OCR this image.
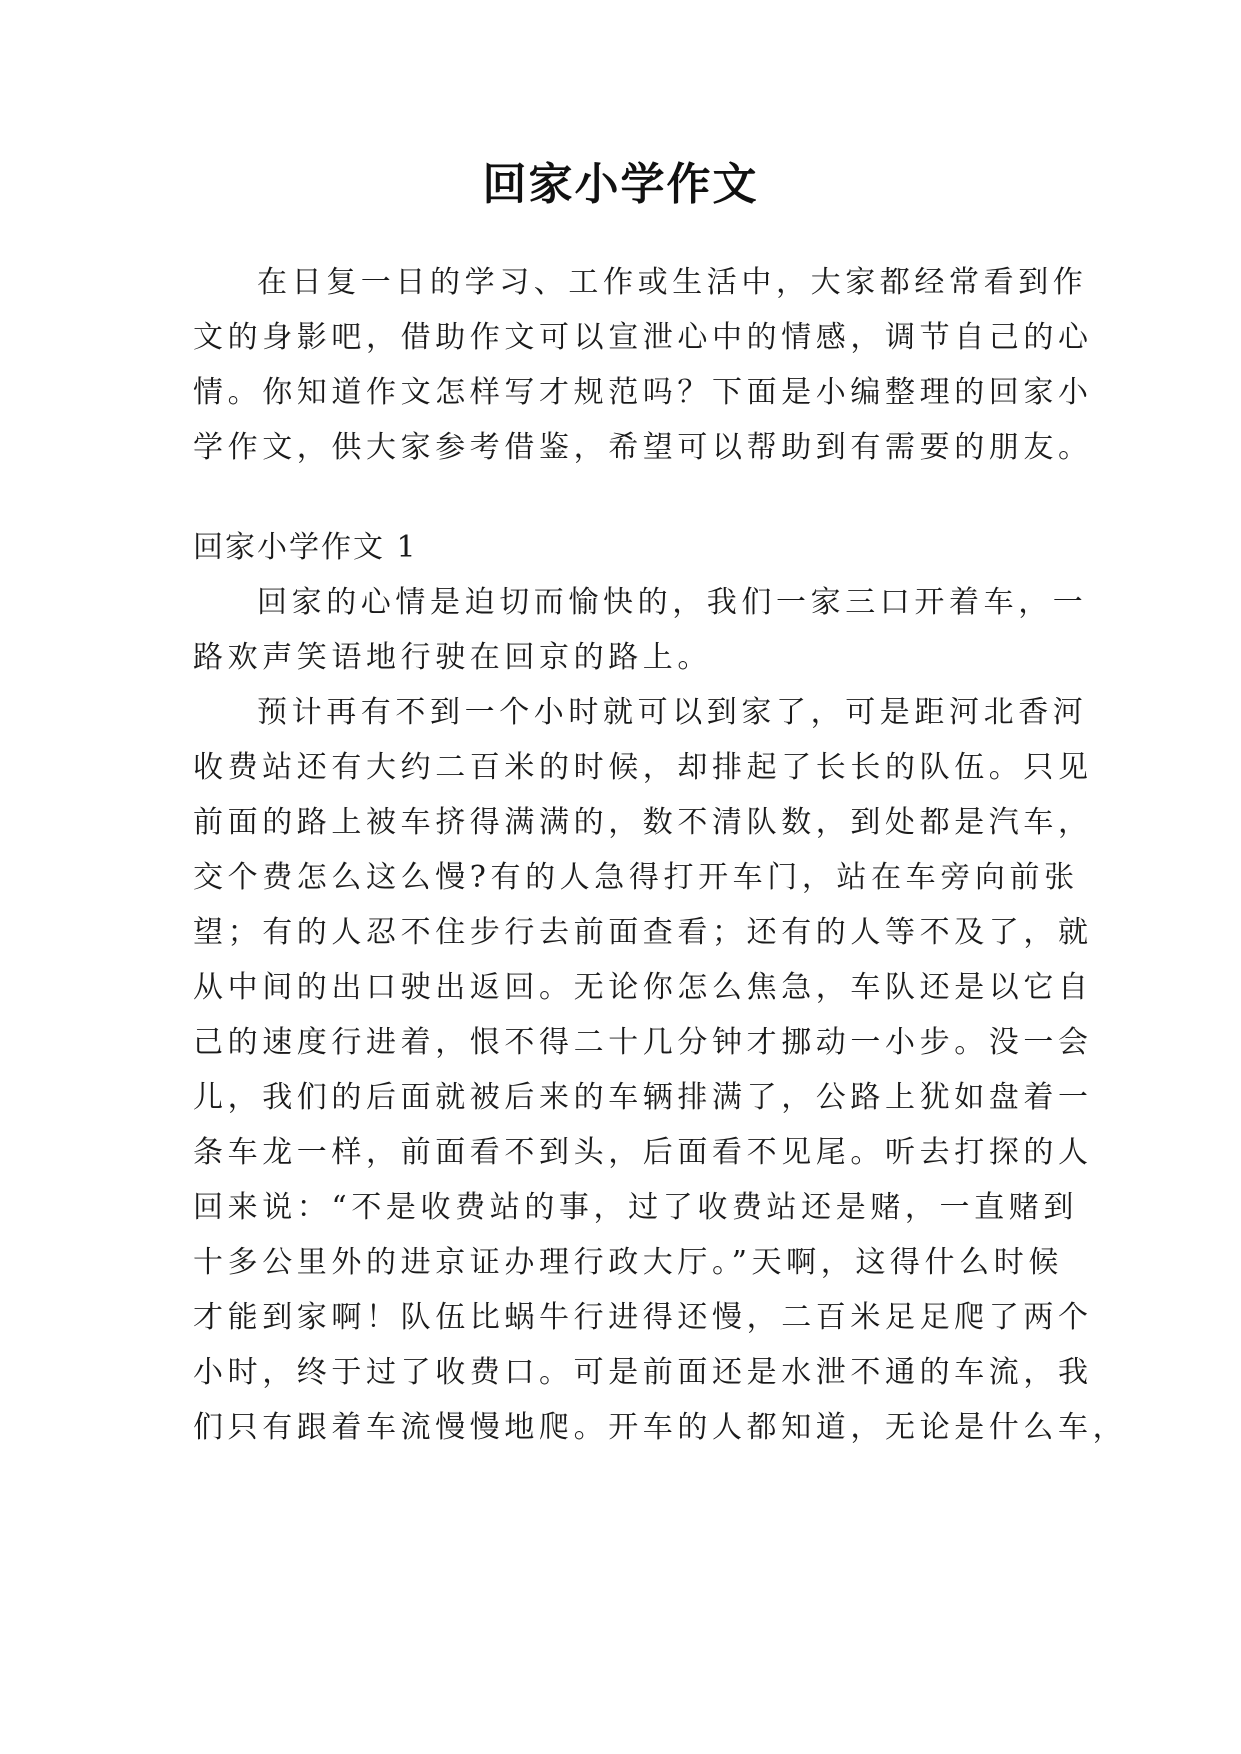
回家小学作文
在日复一日的学习、工作或生活中，大家都经常看到作
文的身影吧，借助作文可以宣泄心中的情感，调节自己的心
情。你知道作文怎样写才规范吗？下面是小编整理的回家小
学作文，供大家参考借鉴，希望可以帮助到有需要的朋友。
回家小学作文 1
回家的心情是迫切而愉快的，我们一家三口开着车，一
路欢声笑语地行驶在回京的路上。
预计再有不到一个小时就可以到家了，可是距河北香河
收费站还有大约二百米的时候，却排起了长长的队伍。只见
前面的路上被车挤得满满的，数不清队数，到处都是汽车，
交个费怎么这么慢?有的人急得打开车门，站在车旁向前张
望；有的人忍不住步行去前面查看；还有的人等不及了，就
从中间的出口驶出返回。无论你怎么焦急，车队还是以它自
己的速度行进着，恨不得二十几分钟才挪动一小步。没一会
儿，我们的后面就被后来的车辆排满了，公路上犹如盘着一
条车龙一样，前面看不到头，后面看不见尾。听去打探的人
回来说：“不是收费站的事，过了收费站还是赌，一直赌到
十多公里外的进京证办理行政大厅。”天啊，这得什么时候
才能到家啊！队伍比蜗牛行进得还慢，二百米足足爬了两个
小时，终于过了收费口。可是前面还是水泄不通的车流，我
们只有跟着车流慢慢地爬。开车的人都知道，无论是什么车，
